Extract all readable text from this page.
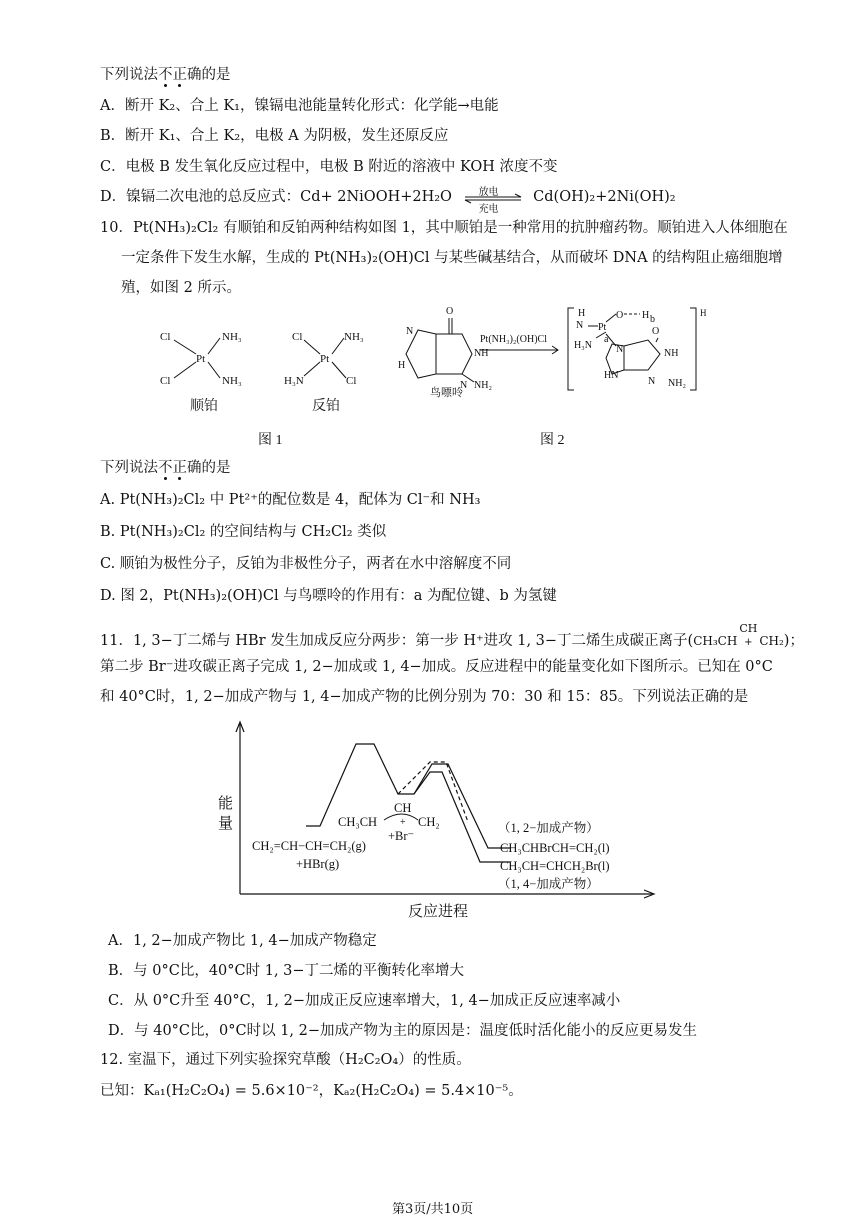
下列说法不正确的是
A．断开 K₂、合上 K₁，镍镉电池能量转化形式：化学能→电能
B．断开 K₁、合上 K₂，电极 A 为阴极，发生还原反应
C．电极 B 发生氧化反应过程中，电极 B 附近的溶液中 KOH 浓度不变
D．镍镉二次电池的总反应式：Cd+ 2NiOOH+2H₂O	放电
充电
Cd(OH)₂+2Ni(OH)₂
10．Pt(NH₃)₂Cl₂ 有顺铂和反铂两种结构如图 1，其中顺铂是一种常用的抗肿瘤药物。顺铂进入人体细胞在
一定条件下发生水解，生成的 Pt(NH₃)₂(OH)Cl 与某些碱基结合，从而破坏 DNA 的结构阻止癌细胞增
殖，如图 2 所示。
Cl	NH₃
Pt
Cl	NH₃
顺铂
Cl	NH₃
Pt
H₃N	Cl
反铂
O
NH
N
H
N NH₂
鸟嘌呤
Pt(NH₃)₂(OH)Cl
H
N Pt
O H b
H₃N
a
N
O
NH
HN
N NH₂
H
图 1	图 2
下列说法不正确的是
A. Pt(NH₃)₂Cl₂ 中 Pt²⁺的配位数是 4，配体为 Cl⁻和 NH₃
B. Pt(NH₃)₂Cl₂ 的空间结构与 CH₂Cl₂ 类似
C. 顺铂为极性分子，反铂为非极性分子，两者在水中溶解度不同
D. 图 2，Pt(NH₃)₂(OH)Cl 与鸟嘌呤的作用有：a 为配位键、b 为氢键
11．1, 3−丁二烯与 HBr 发生加成反应分两步：第一步 H⁺进攻 1, 3−丁二烯生成碳正离子(CH₃CH +
CH
CH₂)；
第二步 Br⁻进攻碳正离子完成 1, 2−加成或 1, 4−加成。反应进程中的能量变化如下图所示。已知在 0°C
和 40°C时，1, 2−加成产物与 1, 4−加成产物的比例分别为 70：30 和 15：85。下列说法正确的是
能
量
反应进程
CH₂=CH−CH=CH₂(g)
+HBr(g)
CH₃CH
CH
CH₂
+Br⁻
+	（1, 2−加成产物）
CH₃CHBrCH=CH₂(l)
CH₃CH=CHCH₂Br(l)
（1, 4−加成产物）
A．1, 2−加成产物比 1, 4−加成产物稳定
B．与 0°C比，40°C时 1, 3−丁二烯的平衡转化率增大
C．从 0°C升至 40°C，1, 2−加成正反应速率增大，1, 4−加成正反应速率减小
D．与 40°C比，0°C时以 1, 2−加成产物为主的原因是：温度低时活化能小的反应更易发生
12. 室温下，通过下列实验探究草酸（H₂C₂O₄）的性质。
已知：Kₐ₁(H₂C₂O₄) = 5.6×10⁻²，Kₐ₂(H₂C₂O₄) = 5.4×10⁻⁵。
第3页/共10页
